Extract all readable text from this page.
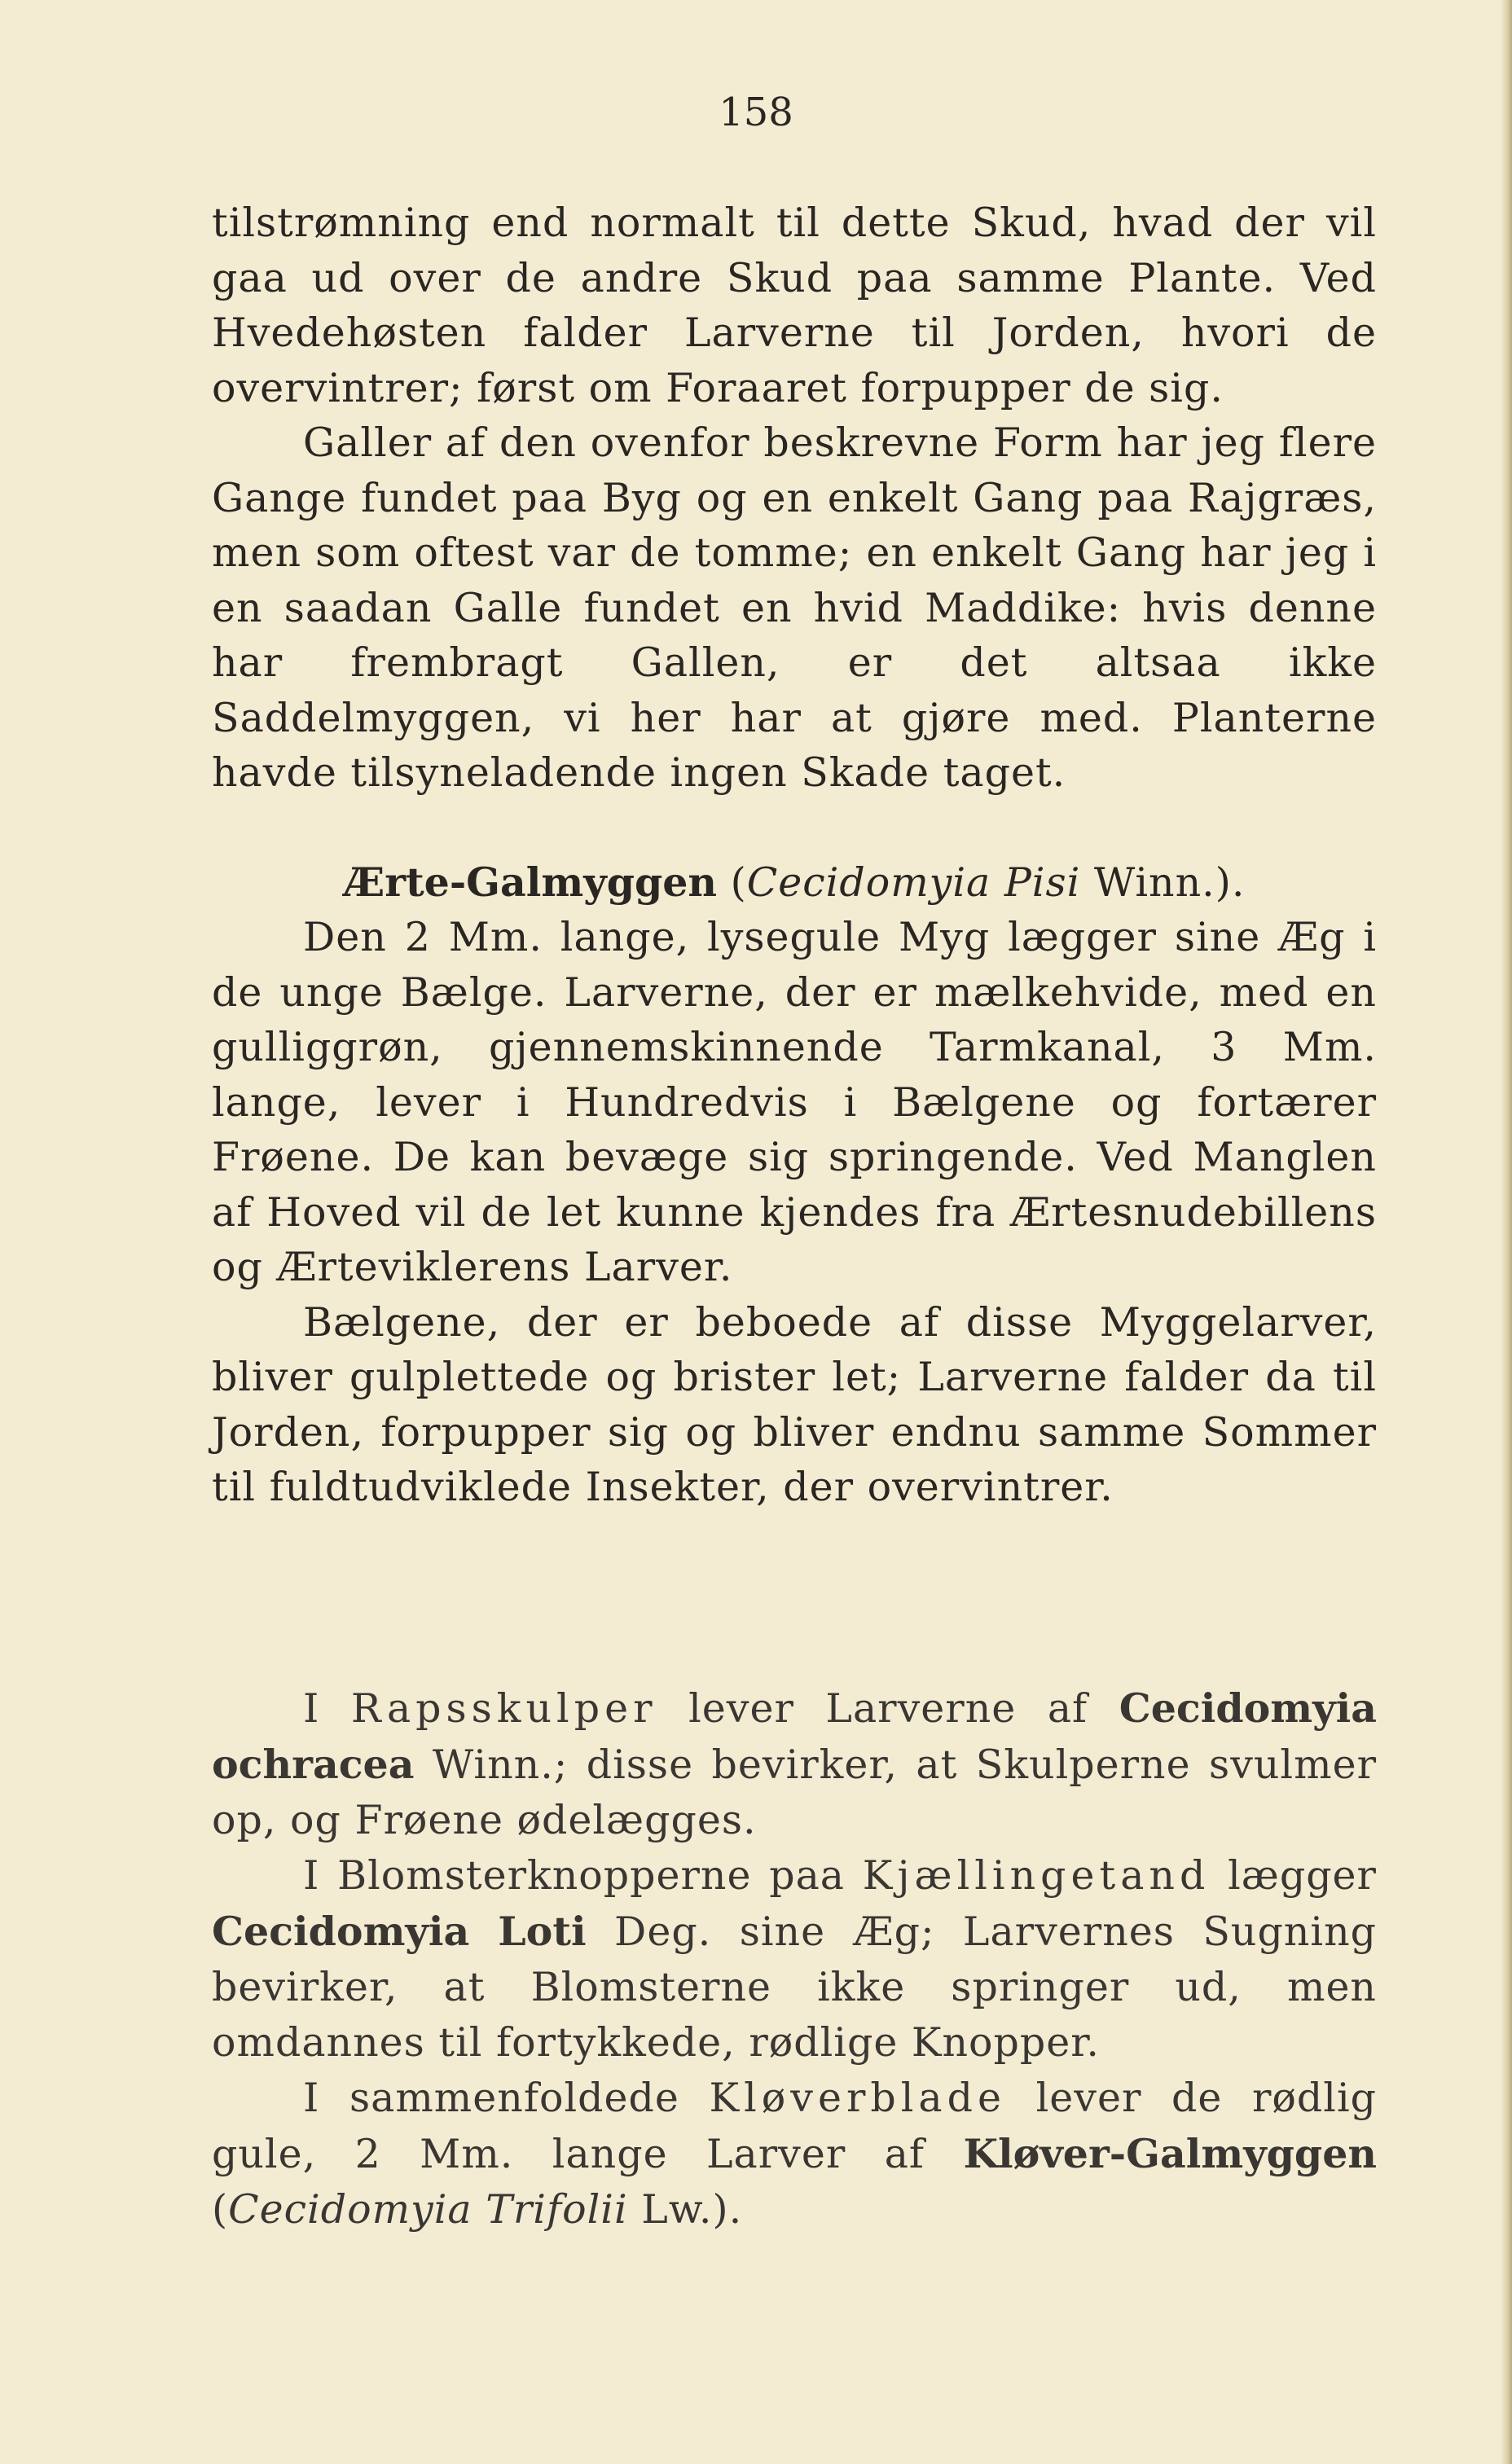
158

tilstrømning end normalt til dette Skud, hvad der vil gaa ud over de andre Skud paa samme Plante. Ved Hvedehøsten falder Larverne til Jorden, hvori de overvintrer; først om Foraaret forpupper de sig.

Galler af den ovenfor beskrevne Form har jeg flere Gange fundet paa Byg og en enkelt Gang paa Rajgræs, men som oftest var de tomme; en enkelt Gang har jeg i en saadan Galle fundet en hvid Maddike: hvis denne har frembragt Gallen, er det altsaa ikke Saddelmyggen, vi her har at gjøre med. Planterne havde tilsyneladende ingen Skade taget.

Ærte-Galmyggen (Cecidomyia Pisi Winn.).

Den 2 Mm. lange, lysegule Myg lægger sine Æg i de unge Bælge. Larverne, der er mælkehvide, med en gulliggrøn, gjennemskinnende Tarmkanal, 3 Mm. lange, lever i Hundredvis i Bælgene og fortærer Frøene. De kan bevæge sig springende. Ved Manglen af Hoved vil de let kunne kjendes fra Ærtesnudebillens og Ærteviklerens Larver.

Bælgene, der er beboede af disse Myggelarver, bliver gulplettede og brister let; Larverne falder da til Jorden, forpupper sig og bliver endnu samme Sommer til fuldtudviklede Insekter, der overvintrer.

I Rapsskulper lever Larverne af Cecidomyia ochracea Winn.; disse bevirker, at Skulperne svulmer op, og Frøene ødelægges.

I Blomsterknopperne paa Kjællingetand lægger Cecidomyia Loti Deg. sine Æg; Larvernes Sugning bevirker, at Blomsterne ikke springer ud, men omdannes til fortykkede, rødlige Knopper.

I sammenfoldede Kløverblade lever de rødlig gule, 2 Mm. lange Larver af Kløver-Galmyggen (Cecidomyia Trifolii Lw.).
